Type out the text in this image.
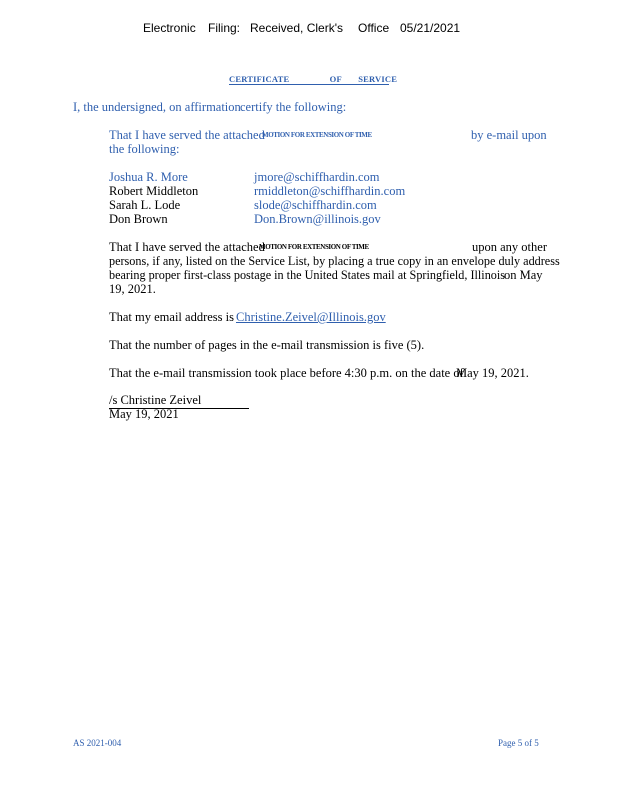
Electronic Filing: Received, Clerk's Office 05/21/2021
CERTIFICATE	OF SERVICE
I, the undersigned, on affirmation certify the following:
That I have served the attached
MOTION FOR EXTENSION OF TIME	by e-mail upon
the following:
Joshua R. More	jmore@schiffhardin.com
Robert Middleton	rmiddleton@schiffhardin.com
Sarah L. Lode	slode@schiffhardin.com
Don Brown	Don.Brown@illinois.gov
That I have served the attached
MOTION FOR EXTENSION OF TIME	upon any other
persons, if any, listed on the Service List, by placing a true copy in an envelope duly address
bearing proper first-class postage in the United States mail at Springfield, Illinois
on May
19, 2021.
That my email address is Christine.Zeivel@Illinois.gov
That the number of pages in the e-mail transmission is five (5).
That the e-mail transmission took place before 4:30 p.m. on the date of
May 19, 2021.
/s Christine Zeivel
May 19, 2021
AS 2021-004	Page 5 of 5
